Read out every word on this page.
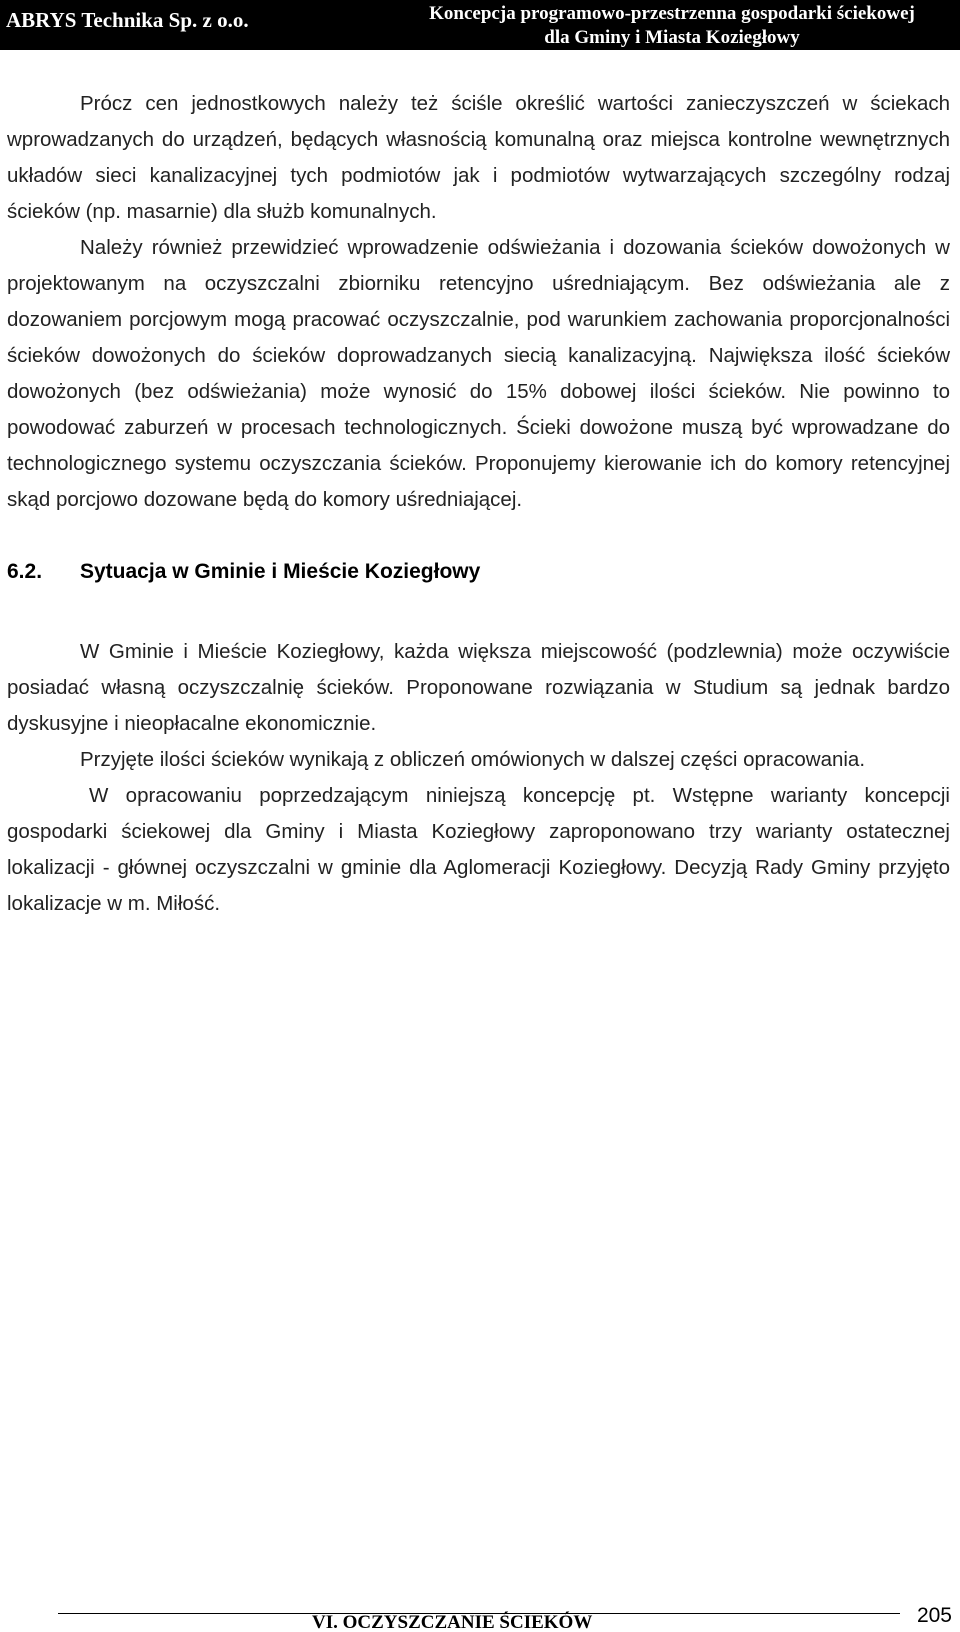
ABRYS Technika Sp. z o.o.	Koncepcja programowo-przestrzenna gospodarki ściekowej
dla Gminy i Miasta Koziegłowy

Prócz cen jednostkowych należy też ściśle określić wartości zanieczyszczeń w ściekach wprowadzanych do urządzeń, będących własnością komunalną oraz miejsca kontrolne wewnętrznych układów sieci kanalizacyjnej tych podmiotów jak i podmiotów wytwarzających szczególny rodzaj ścieków (np. masarnie) dla służb komunalnych.

Należy również przewidzieć wprowadzenie odświeżania i dozowania ścieków dowożonych w projektowanym na oczyszczalni zbiorniku retencyjno uśredniającym. Bez odświeżania ale z dozowaniem porcjowym mogą pracować oczyszczalnie, pod warunkiem zachowania proporcjonalności ścieków dowożonych do ścieków doprowadzanych siecią kanalizacyjną. Największa ilość ścieków dowożonych (bez odświeżania) może wynosić do 15% dobowej ilości ścieków. Nie powinno to powodować zaburzeń w procesach technologicznych. Ścieki dowożone muszą być wprowadzane do technologicznego systemu oczyszczania ścieków. Proponujemy kierowanie ich do komory retencyjnej skąd porcjowo dozowane będą do komory uśredniającej.

6.2. Sytuacja w Gminie i Mieście Koziegłowy

W Gminie i Mieście Koziegłowy, każda większa miejscowość (podzlewnia) może oczywiście posiadać własną oczyszczalnię ścieków. Proponowane rozwiązania w Studium są jednak bardzo dyskusyjne i nieopłacalne ekonomicznie.

Przyjęte ilości ścieków wynikają z obliczeń omówionych w dalszej części opracowania.

W opracowaniu poprzedzającym niniejszą koncepcję pt. Wstępne warianty koncepcji gospodarki ściekowej dla Gminy i Miasta Koziegłowy zaproponowano trzy warianty ostatecznej lokalizacji - głównej oczyszczalni w gminie dla Aglomeracji Koziegłowy. Decyzją Rady Gminy przyjęto lokalizacje w m. Miłość.

VI. OCZYSZCZANIE ŚCIEKÓW	205
